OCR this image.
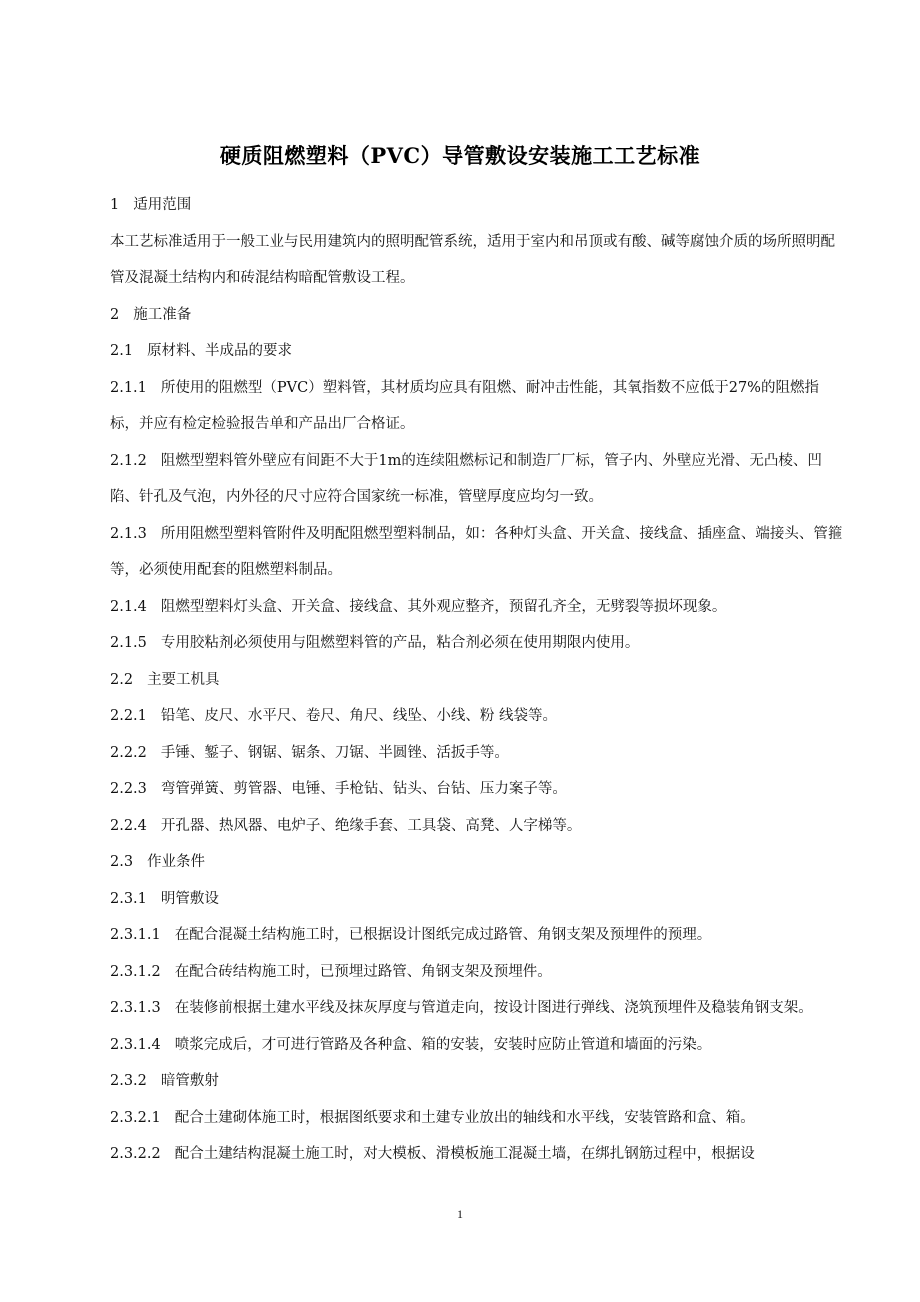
硬质阻燃塑料（PVC）导管敷设安装施工工艺标准

1 适用范围

本工艺标准适用于一般工业与民用建筑内的照明配管系统，适用于室内和吊顶或有酸、碱等腐蚀介质的场所照明配管及混凝土结构内和砖混结构暗配管敷设工程。

2 施工准备

2.1 原材料、半成品的要求

2.1.1 所使用的阻燃型（PVC）塑料管，其材质均应具有阻燃、耐冲击性能，其氧指数不应低于27%的阻燃指标，并应有检定检验报告单和产品出厂合格证。

2.1.2 阻燃型塑料管外壁应有间距不大于1m的连续阻燃标记和制造厂厂标，管子内、外壁应光滑、无凸棱、凹陷、针孔及气泡，内外径的尺寸应符合国家统一标准，管壁厚度应均匀一致。

2.1.3 所用阻燃型塑料管附件及明配阻燃型塑料制品，如：各种灯头盒、开关盒、接线盒、插座盒、端接头、管箍等，必须使用配套的阻燃塑料制品。

2.1.4 阻燃型塑料灯头盒、开关盒、接线盒、其外观应整齐，预留孔齐全，无劈裂等损坏现象。

2.1.5 专用胶粘剂必须使用与阻燃塑料管的产品，粘合剂必须在使用期限内使用。

2.2 主要工机具

2.2.1 铅笔、皮尺、水平尺、卷尺、角尺、线坠、小线、粉 线袋等。

2.2.2 手锤、錾子、钢锯、锯条、刀锯、半圆锉、活扳手等。

2.2.3 弯管弹簧、剪管器、电锤、手枪钻、钻头、台钻、压力案子等。

2.2.4 开孔器、热风器、电炉子、绝缘手套、工具袋、高凳、人字梯等。

2.3 作业条件

2.3.1 明管敷设

2.3.1.1 在配合混凝土结构施工时，已根据设计图纸完成过路管、角钢支架及预埋件的预理。

2.3.1.2 在配合砖结构施工时，已预埋过路管、角钢支架及预埋件。

2.3.1.3 在装修前根据土建水平线及抹灰厚度与管道走向，按设计图进行弹线、浇筑预埋件及稳装角钢支架。

2.3.1.4 喷浆完成后，才可进行管路及各种盒、箱的安装，安装时应防止管道和墙面的污染。

2.3.2 暗管敷射

2.3.2.1 配合土建砌体施工时，根据图纸要求和土建专业放出的轴线和水平线，安装管路和盒、箱。

2.3.2.2 配合土建结构混凝土施工时，对大模板、滑模板施工混凝土墙，在绑扎钢筋过程中，根据设

1
